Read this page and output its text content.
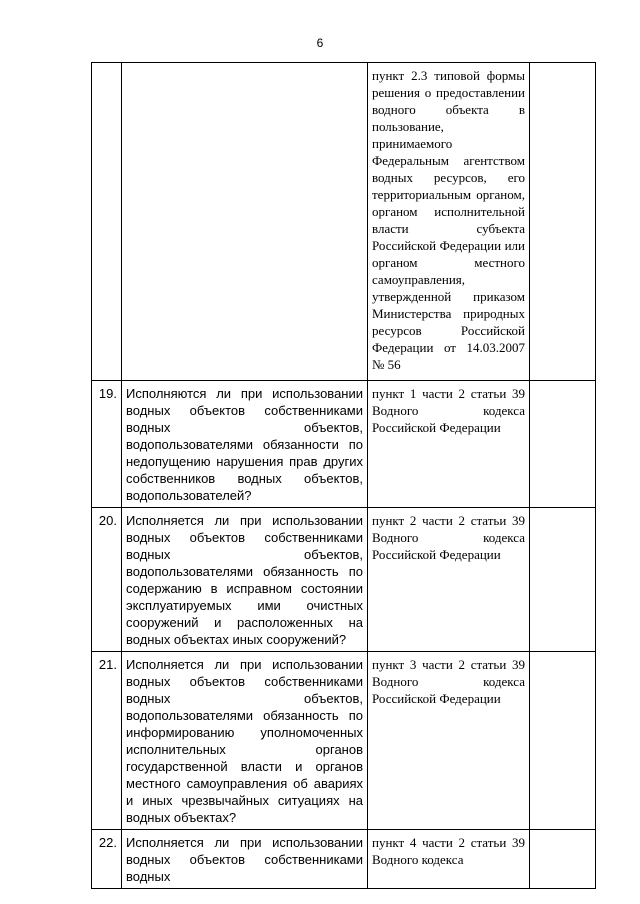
6
		пункт 2.3 типовой формы решения о предоставлении водного объекта в пользование, принимаемого Федеральным агентством водных ресурсов, его территориальным органом, органом исполнительной власти субъекта Российской Федерации или органом местного самоуправления, утвержденной приказом Министерства природных ресурсов Российской Федерации от 14.03.2007 № 56	
19.	Исполняются ли при использовании водных объектов собственниками водных объектов, водопользователями обязанности по недопущению нарушения прав других собственников водных объектов, водопользователей?	пункт 1 части 2 статьи 39 Водного кодекса Российской Федерации	
20.	Исполняется ли при использовании водных объектов собственниками водных объектов, водопользователями обязанность по содержанию в исправном состоянии эксплуатируемых ими очистных сооружений и расположенных на водных объектах иных сооружений?	пункт 2 части 2 статьи 39 Водного кодекса Российской Федерации	
21.	Исполняется ли при использовании водных объектов собственниками водных объектов, водопользователями обязанность по информированию уполномоченных исполнительных органов государственной власти и органов местного самоуправления об авариях и иных чрезвычайных ситуациях на водных объектах?	пункт 3 части 2 статьи 39 Водного кодекса Российской Федерации	
22.	Исполняется ли при использовании водных объектов собственниками водных	пункт 4 части 2 статьи 39 Водного кодекса	
